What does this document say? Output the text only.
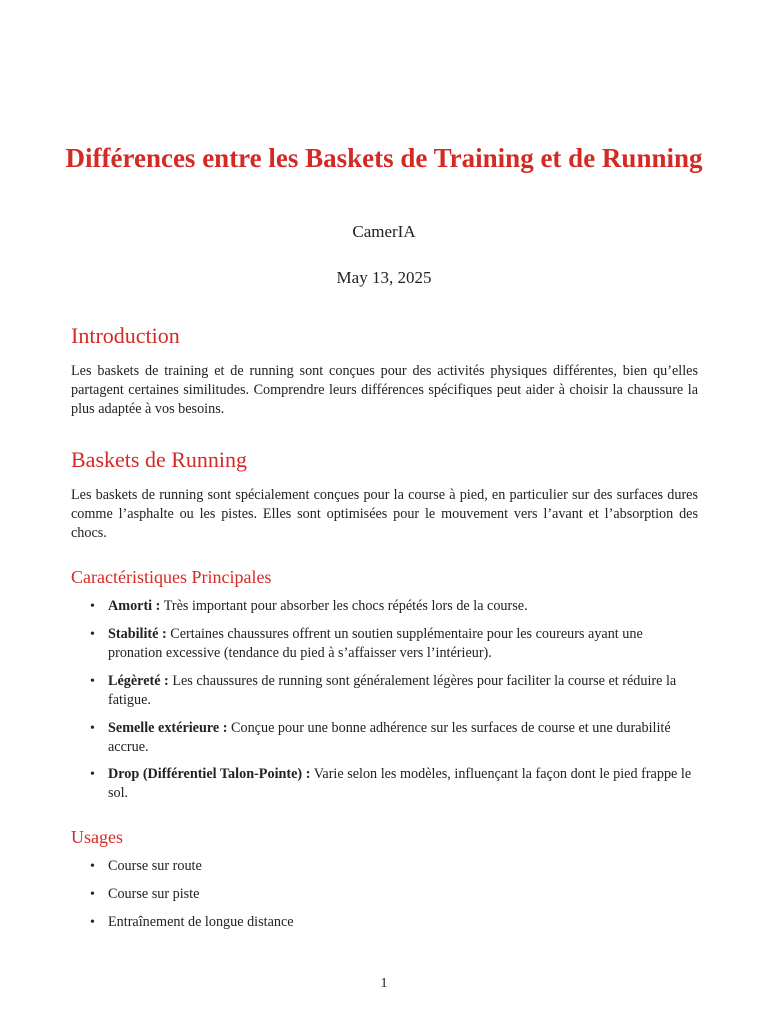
Différences entre les Baskets de Training et de Running
CamerIA
May 13, 2025
Introduction

Les baskets de training et de running sont conçues pour des activités physiques différentes, bien qu’elles partagent certaines similitudes. Comprendre leurs différences spécifiques peut aider à choisir la chaussure la plus adaptée à vos besoins.

Baskets de Running

Les baskets de running sont spécialement conçues pour la course à pied, en particulier sur des surfaces dures comme l’asphalte ou les pistes. Elles sont optimisées pour le mouvement vers l’avant et l’absorption des chocs.

Caractéristiques Principales
• Amorti : Très important pour absorber les chocs répétés lors de la course.
• Stabilité : Certaines chaussures offrent un soutien supplémentaire pour les coureurs ayant une pronation excessive (tendance du pied à s’affaisser vers l’intérieur).
• Légèreté : Les chaussures de running sont généralement légères pour faciliter la course et réduire la fatigue.
• Semelle extérieure : Conçue pour une bonne adhérence sur les surfaces de course et une durabilité accrue.
• Drop (Différentiel Talon-Pointe) : Varie selon les modèles, influençant la façon dont le pied frappe le sol.
Usages
• Course sur route
• Course sur piste
• Entraînement de longue distance
1
